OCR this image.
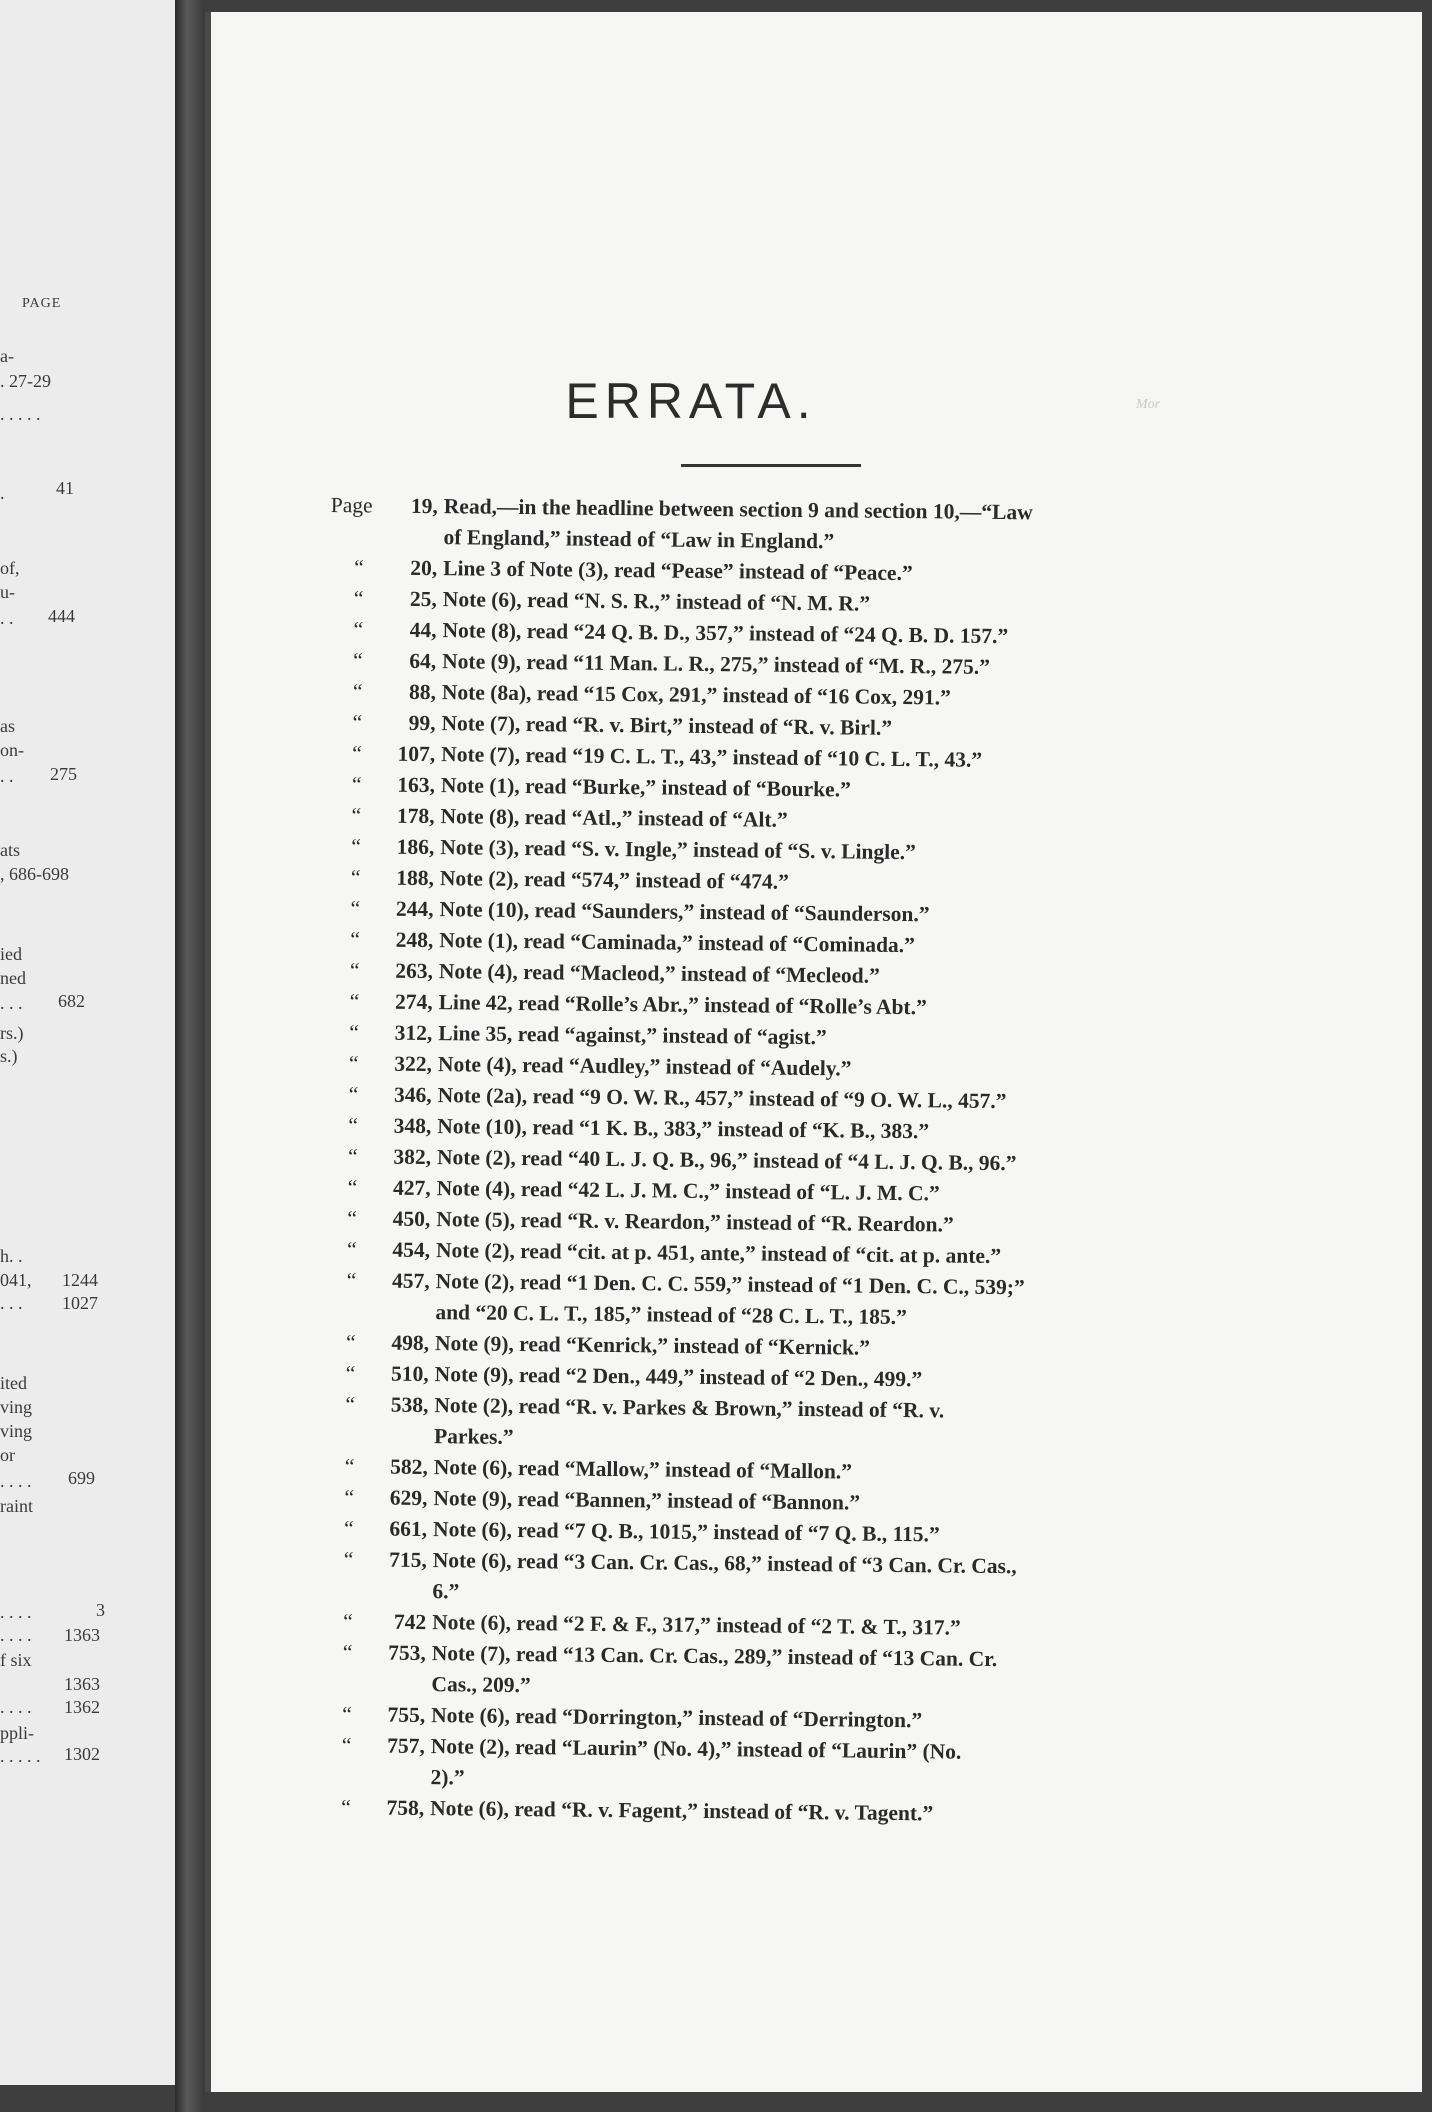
PAGE
a-
. 27-29
. . . . .
.	41
of,
u-
. . 444
as
on-
. . 275
ats
, 686-698
ied
ned
. . . 682
rs.)
s.)
h. .
041, 1244
. . . 1027
ited
ving
ving
or
. . . . 699
raint
. . . .	3
. . . . 1363
f six
1363
. . . . 1362
ppli-
. . . . . 1302
ERRATA.	Mor
Page	19, Read,—in the headline between section 9 and section 10,—“Law
of England,” instead of “Law in England.”
“	20, Line 3 of Note (3), read “Pease” instead of “Peace.”
“	25, Note (6), read “N. S. R.,” instead of “N. M. R.”
“	44, Note (8), read “24 Q. B. D., 357,” instead of “24 Q. B. D. 157.”
“	64, Note (9), read “11 Man. L. R., 275,” instead of “M. R., 275.”
“	88, Note (8a), read “15 Cox, 291,” instead of “16 Cox, 291.”
“	99, Note (7), read “R. v. Birt,” instead of “R. v. Birl.”
“	107, Note (7), read “19 C. L. T., 43,” instead of “10 C. L. T., 43.”
“	163, Note (1), read “Burke,” instead of “Bourke.”
“	178, Note (8), read “Atl.,” instead of “Alt.”
“	186, Note (3), read “S. v. Ingle,” instead of “S. v. Lingle.”
“	188, Note (2), read “574,” instead of “474.”
“	244, Note (10), read “Saunders,” instead of “Saunderson.”
“	248, Note (1), read “Caminada,” instead of “Cominada.”
“	263, Note (4), read “Macleod,” instead of “Mecleod.”
“	274, Line 42, read “Rolle’s Abr.,” instead of “Rolle’s Abt.”
“	312, Line 35, read “against,” instead of “agist.”
“	322, Note (4), read “Audley,” instead of “Audely.”
“	346, Note (2a), read “9 O. W. R., 457,” instead of “9 O. W. L., 457.”
“	348, Note (10), read “1 K. B., 383,” instead of “K. B., 383.”
“	382, Note (2), read “40 L. J. Q. B., 96,” instead of “4 L. J. Q. B., 96.”
“	427, Note (4), read “42 L. J. M. C.,” instead of “L. J. M. C.”
“	450, Note (5), read “R. v. Reardon,” instead of “R. Reardon.”
“	454, Note (2), read “cit. at p. 451, ante,” instead of “cit. at p. ante.”
“	457, Note (2), read “1 Den. C. C. 559,” instead of “1 Den. C. C., 539;”
and “20 C. L. T., 185,” instead of “28 C. L. T., 185.”
“	498, Note (9), read “Kenrick,” instead of “Kernick.”
“	510, Note (9), read “2 Den., 449,” instead of “2 Den., 499.”
“	538, Note (2), read “R. v. Parkes & Brown,” instead of “R. v.
Parkes.”
“	582, Note (6), read “Mallow,” instead of “Mallon.”
“	629, Note (9), read “Bannen,” instead of “Bannon.”
“	661, Note (6), read “7 Q. B., 1015,” instead of “7 Q. B., 115.”
“	715, Note (6), read “3 Can. Cr. Cas., 68,” instead of “3 Can. Cr. Cas.,
6.”
“	742 Note (6), read “2 F. & F., 317,” instead of “2 T. & T., 317.”
“	753, Note (7), read “13 Can. Cr. Cas., 289,” instead of “13 Can. Cr.
Cas., 209.”
“	755, Note (6), read “Dorrington,” instead of “Derrington.”
“	757, Note (2), read “Laurin” (No. 4),” instead of “Laurin” (No.
2).”
“	758, Note (6), read “R. v. Fagent,” instead of “R. v. Tagent.”
